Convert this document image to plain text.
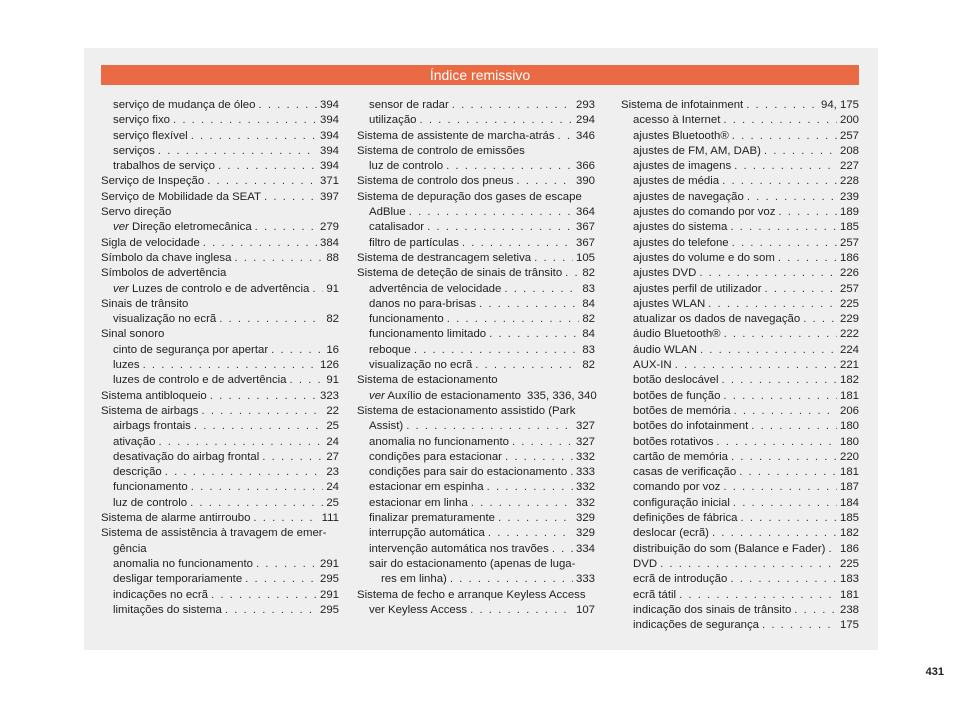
Índice remissivo
serviço de mudança de óleo . . .	394
serviço fixo . . .	394
serviço flexível . . .	394
serviços . . .	394
trabalhos de serviço . . .	394
Serviço de Inspeção . . .	371
Serviço de Mobilidade da SEAT . . .	397
Servo direção
ver Direção eletromecânica . . .	279
Sigla de velocidade . . .	384
Símbolo da chave inglesa . . .	88
Símbolos de advertência
ver Luzes de controlo e de advertência . . . 91
Sinais de trânsito
visualização no ecrã . . .	82
Sinal sonoro
cinto de segurança por apertar . . .	16
luzes . . .	126
luzes de controlo e de advertência . . .	91
Sistema antibloqueio . . .	323
Sistema de airbags . . .	22
airbags frontais . . .	25
ativação . . .	24
desativação do airbag frontal . . .	27
descrição . . .	23
funcionamento . . .	24
luz de controlo . . .	25
Sistema de alarme antirroubo . . .	111
Sistema de assistência à travagem de emer-
gência
anomalia no funcionamento . . .	291
desligar temporariamente . . .	295
indicações no ecrã . . .	291
limitações do sistema . . .	295
sensor de radar . . .	293
utilização . . .	294
Sistema de assistente de marcha-atrás . . . 346
Sistema de controlo de emissões
luz de controlo . . .	366
Sistema de controlo dos pneus . . .	390
Sistema de depuração dos gases de escape
AdBlue . . .	364
catalisador . . .	367
filtro de partículas . . .	367
Sistema de destrancagem seletiva . . .	105
Sistema de deteção de sinais de trânsito . . . 82
advertência de velocidade . . .	83
danos no para-brisas . . .	84
funcionamento . . .	82
funcionamento limitado . . .	84
reboque . . .	83
visualização no ecrã . . .	82
Sistema de estacionamento
ver Auxílio de estacionamento 335, 336, 340
Sistema de estacionamento assistido (Park
Assist) . . .	327
anomalia no funcionamento . . .	327
condições para estacionar . . .	332
condições para sair do estacionamento . . . 333
estacionar em espinha . . .	332
estacionar em linha . . .	332
finalizar prematuramente . . .	329
interrupção automática . . .	329
intervenção automática nos travões . . . 334
sair do estacionamento (apenas de luga-
res em linha) . . .	333
Sistema de fecho e arranque Keyless Access
ver Keyless Access . . .	107
Sistema de infotainment . . .	94, 175
acesso à Internet . . .	200
ajustes Bluetooth® . . .	257
ajustes de FM, AM, DAB) . . .	208
ajustes de imagens . . .	227
ajustes de média . . .	228
ajustes de navegação . . .	239
ajustes do comando por voz . . .	189
ajustes do sistema . . .	185
ajustes do telefone . . .	257
ajustes do volume e do som . . .	186
ajustes DVD . . .	226
ajustes perfil de utilizador . . .	257
ajustes WLAN . . .	225
atualizar os dados de navegação . . .	229
áudio Bluetooth® . . .	222
áudio WLAN . . .	224
AUX-IN . . .	221
botão deslocável . . .	182
botões de função . . .	181
botões de memória . . .	206
botões do infotainment . . .	180
botões rotativos . . .	180
cartão de memória . . .	220
casas de verificação . . .	181
comando por voz . . .	187
configuração inicial . . .	184
definições de fábrica . . .	185
deslocar (ecrã) . . .	182
distribuição do som (Balance e Fader) . . . 186
DVD . . .	225
ecrã de introdução . . .	183
ecrã tátil . . .	181
indicação dos sinais de trânsito . . .	238
indicações de segurança . . .	175
431
